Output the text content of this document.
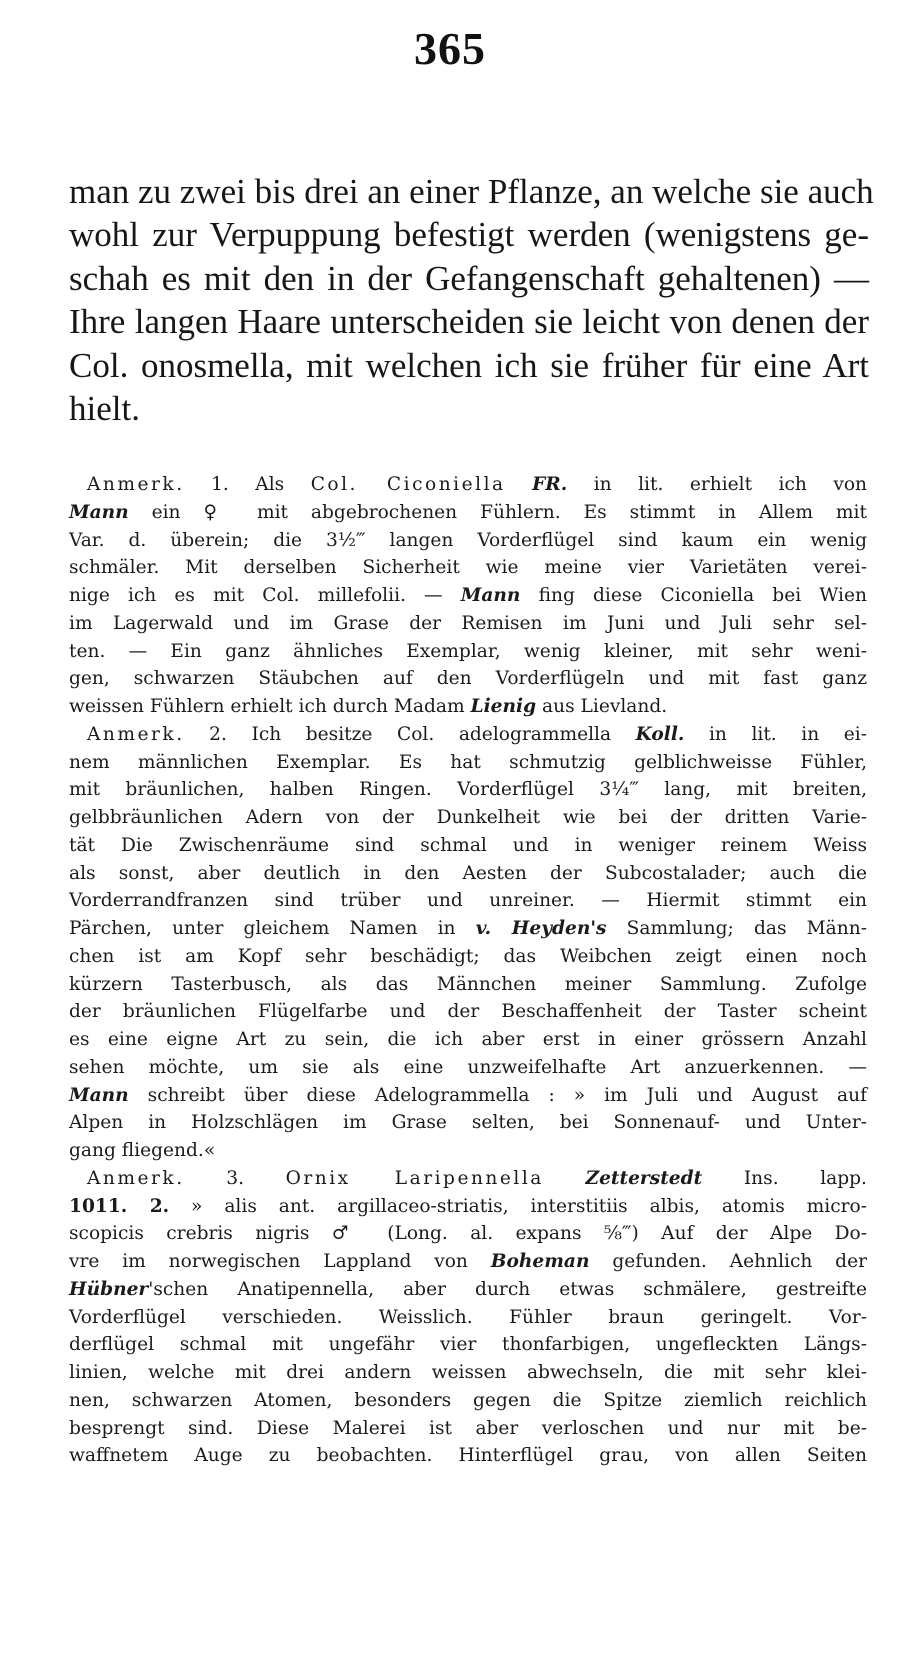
365
man zu zwei bis drei an einer Pflanze, an welche sie auch
wohl zur Verpuppung befestigt werden (wenigstens ge-
schah es mit den in der Gefangenschaft gehaltenen) —
Ihre langen Haare unterscheiden sie leicht von denen der
Col. onosmella, mit welchen ich sie früher für eine Art
hielt.
Anmerk. 1. Als Col. Ciconiella FR. in lit. erhielt ich von
Mann ein ♀ mit abgebrochenen Fühlern. Es stimmt in Allem mit
Var. d. überein; die 3½‴ langen Vorderflügel sind kaum ein wenig
schmäler. Mit derselben Sicherheit wie meine vier Varietäten verei-
nige ich es mit Col. millefolii. — Mann fing diese Ciconiella bei Wien
im Lagerwald und im Grase der Remisen im Juni und Juli sehr sel-
ten. — Ein ganz ähnliches Exemplar, wenig kleiner, mit sehr weni-
gen, schwarzen Stäubchen auf den Vorderflügeln und mit fast ganz
weissen Fühlern erhielt ich durch Madam Lienig aus Lievland.
Anmerk. 2. Ich besitze Col. adelogrammella Koll. in lit. in ei-
nem männlichen Exemplar. Es hat schmutzig gelblichweisse Fühler,
mit bräunlichen, halben Ringen. Vorderflügel 3¼‴ lang, mit breiten,
gelbbräunlichen Adern von der Dunkelheit wie bei der dritten Varie-
tät Die Zwischenräume sind schmal und in weniger reinem Weiss
als sonst, aber deutlich in den Aesten der Subcostalader; auch die
Vorderrandfranzen sind trüber und unreiner. — Hiermit stimmt ein
Pärchen, unter gleichem Namen in v. Heyden's Sammlung; das Männ-
chen ist am Kopf sehr beschädigt; das Weibchen zeigt einen noch
kürzern Tasterbusch, als das Männchen meiner Sammlung. Zufolge
der bräunlichen Flügelfarbe und der Beschaffenheit der Taster scheint
es eine eigne Art zu sein, die ich aber erst in einer grössern Anzahl
sehen möchte, um sie als eine unzweifelhafte Art anzuerkennen. —
Mann schreibt über diese Adelogrammella : » im Juli und August auf
Alpen in Holzschlägen im Grase selten, bei Sonnenauf- und Unter-
gang fliegend.«
Anmerk. 3. Ornix Laripennella Zetterstedt Ins. lapp.
1011. 2. » alis ant. argillaceo-striatis, interstitiis albis, atomis micro-
scopicis crebris nigris ♂ (Long. al. expans ⅝‴) Auf der Alpe Do-
vre im norwegischen Lappland von Boheman gefunden. Aehnlich der
Hübner'schen Anatipennella, aber durch etwas schmälere, gestreifte
Vorderflügel verschieden. Weisslich. Fühler braun geringelt. Vor-
derflügel schmal mit ungefähr vier thonfarbigen, ungefleckten Längs-
linien, welche mit drei andern weissen abwechseln, die mit sehr klei-
nen, schwarzen Atomen, besonders gegen die Spitze ziemlich reichlich
besprengt sind. Diese Malerei ist aber verloschen und nur mit be-
waffnetem Auge zu beobachten. Hinterflügel grau, von allen Seiten
